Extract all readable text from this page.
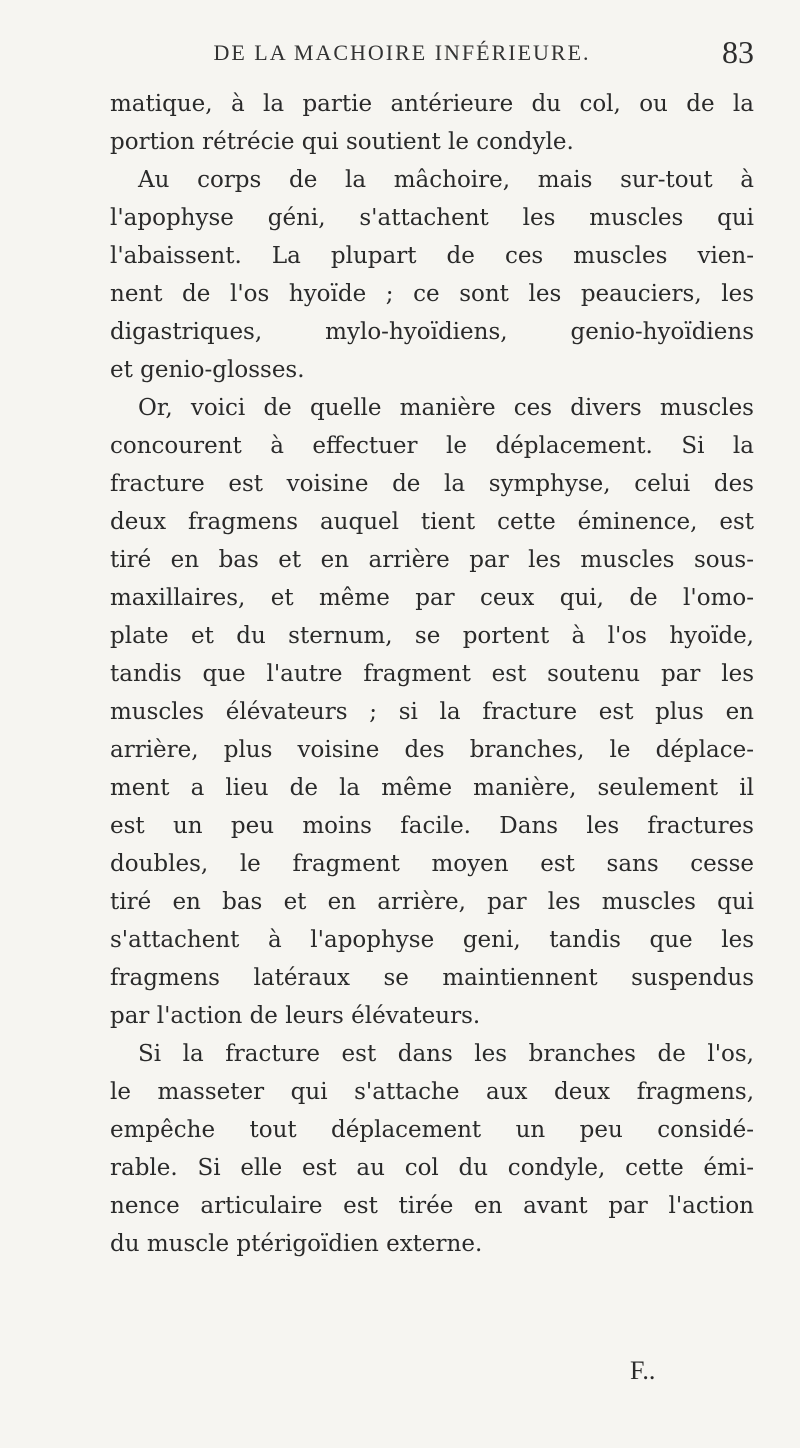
DE LA MACHOIRE INFÉRIEURE.	83
matique, à la partie antérieure du col, ou de la
portion rétrécie qui soutient le condyle.
Au corps de la mâchoire, mais sur-tout à
l'apophyse géni, s'attachent les muscles qui
l'abaissent. La plupart de ces muscles vien-
nent de l'os hyoïde ; ce sont les peauciers, les
digastriques, mylo-hyoïdiens, genio-hyoïdiens
et genio-glosses.
Or, voici de quelle manière ces divers muscles
concourent à effectuer le déplacement. Si la
fracture est voisine de la symphyse, celui des
deux fragmens auquel tient cette éminence, est
tiré en bas et en arrière par les muscles sous-
maxillaires, et même par ceux qui, de l'omo-
plate et du sternum, se portent à l'os hyoïde,
tandis que l'autre fragment est soutenu par les
muscles élévateurs ; si la fracture est plus en
arrière, plus voisine des branches, le déplace-
ment a lieu de la même manière, seulement il
est un peu moins facile. Dans les fractures
doubles, le fragment moyen est sans cesse
tiré en bas et en arrière, par les muscles qui
s'attachent à l'apophyse geni, tandis que les
fragmens latéraux se maintiennent suspendus
par l'action de leurs élévateurs.
Si la fracture est dans les branches de l'os,
le masseter qui s'attache aux deux fragmens,
empêche tout déplacement un peu considé-
rable. Si elle est au col du condyle, cette émi-
nence articulaire est tirée en avant par l'action
du muscle ptérigoïdien externe.
F..
